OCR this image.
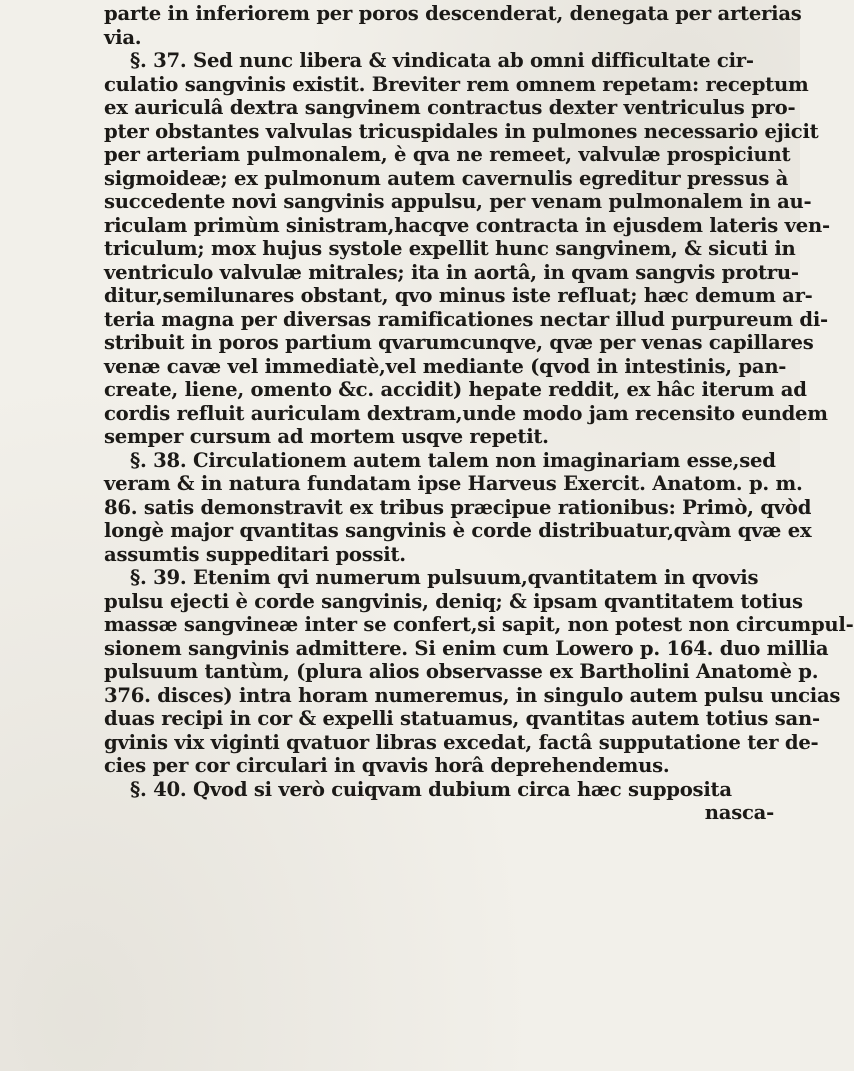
parte in inferiorem per poros descenderat, denegata per arterias
via.
§. 37. Sed nunc libera & vindicata ab omni difficultate cir-
culatio sangvinis existit. Breviter rem omnem repetam: receptum
ex auriculâ dextra sangvinem contractus dexter ventriculus pro-
pter obstantes valvulas tricuspidales in pulmones necessario ejicit
per arteriam pulmonalem, è qva ne remeet, valvulæ prospiciunt
sigmoideæ; ex pulmonum autem cavernulis egreditur pressus à
succedente novi sangvinis appulsu, per venam pulmonalem in au-
riculam primùm sinistram,hacqve contracta in ejusdem lateris ven-
triculum; mox hujus systole expellit hunc sangvinem, & sicuti in
ventriculo valvulæ mitrales; ita in aortâ, in qvam sangvis protru-
ditur,semilunares obstant, qvo minus iste refluat; hæc demum ar-
teria magna per diversas ramificationes nectar illud purpureum di-
stribuit in poros partium qvarumcunqve, qvæ per venas capillares
venæ cavæ vel immediatè,vel mediante (qvod in intestinis, pan-
create, liene, omento &c. accidit) hepate reddit, ex hâc iterum ad
cordis refluit auriculam dextram,unde modo jam recensito eundem
semper cursum ad mortem usqve repetit.
§. 38. Circulationem autem talem non imaginariam esse,sed
veram & in natura fundatam ipse Harveus Exercit. Anatom. p. m.
86. satis demonstravit ex tribus præcipue rationibus: Primò, qvòd
longè major qvantitas sangvinis è corde distribuatur,qvàm qvæ ex
assumtis suppeditari possit.
§. 39. Etenim qvi numerum pulsuum,qvantitatem in qvovis
pulsu ejecti è corde sangvinis, deniq; & ipsam qvantitatem totius
massæ sangvineæ inter se confert,si sapit, non potest non circumpul-
sionem sangvinis admittere. Si enim cum Lowero p. 164. duo millia
pulsuum tantùm, (plura alios observasse ex Bartholini Anatomè p.
376. disces) intra horam numeremus, in singulo autem pulsu uncias
duas recipi in cor & expelli statuamus, qvantitas autem totius san-
gvinis vix viginti qvatuor libras excedat, factâ supputatione ter de-
cies per cor circulari in qvavis horâ deprehendemus.
§. 40. Qvod si verò cuiqvam dubium circa hæc supposita
nasca-
